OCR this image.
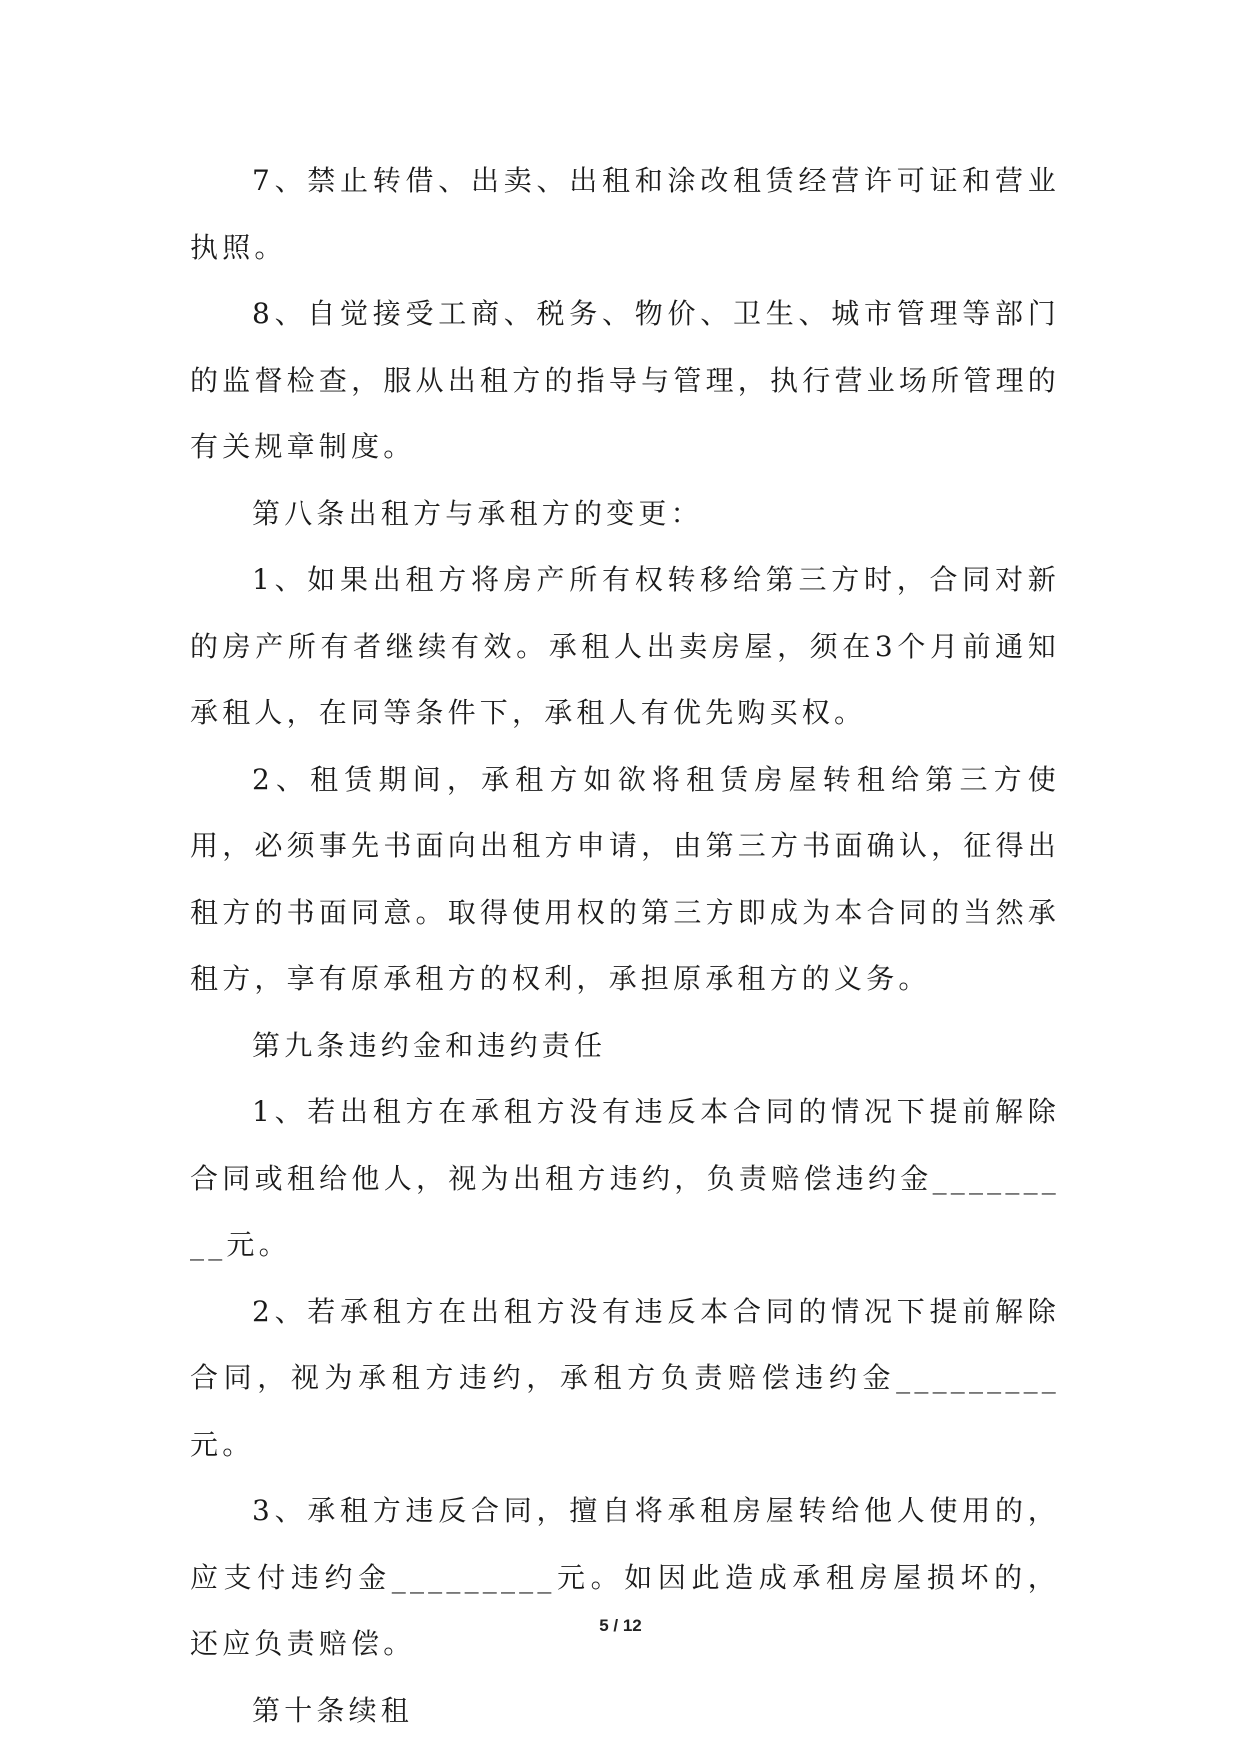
7、禁止转借、出卖、出租和涂改租赁经营许可证和营业执照。

8、自觉接受工商、税务、物价、卫生、城市管理等部门的监督检查，服从出租方的指导与管理，执行营业场所管理的有关规章制度。

第八条出租方与承租方的变更：

1、如果出租方将房产所有权转移给第三方时，合同对新的房产所有者继续有效。承租人出卖房屋，须在3个月前通知承租人，在同等条件下，承租人有优先购买权。

2、租赁期间，承租方如欲将租赁房屋转租给第三方使用，必须事先书面向出租方申请，由第三方书面确认，征得出租方的书面同意。取得使用权的第三方即成为本合同的当然承租方，享有原承租方的权利，承担原承租方的义务。

第九条违约金和违约责任

1、若出租方在承租方没有违反本合同的情况下提前解除合同或租给他人，视为出租方违约，负责赔偿违约金_________元。

2、若承租方在出租方没有违反本合同的情况下提前解除合同，视为承租方违约，承租方负责赔偿违约金_________元。

3、承租方违反合同，擅自将承租房屋转给他人使用的，应支付违约金_________元。如因此造成承租房屋损坏的，还应负责赔偿。

第十条续租

5 / 12
